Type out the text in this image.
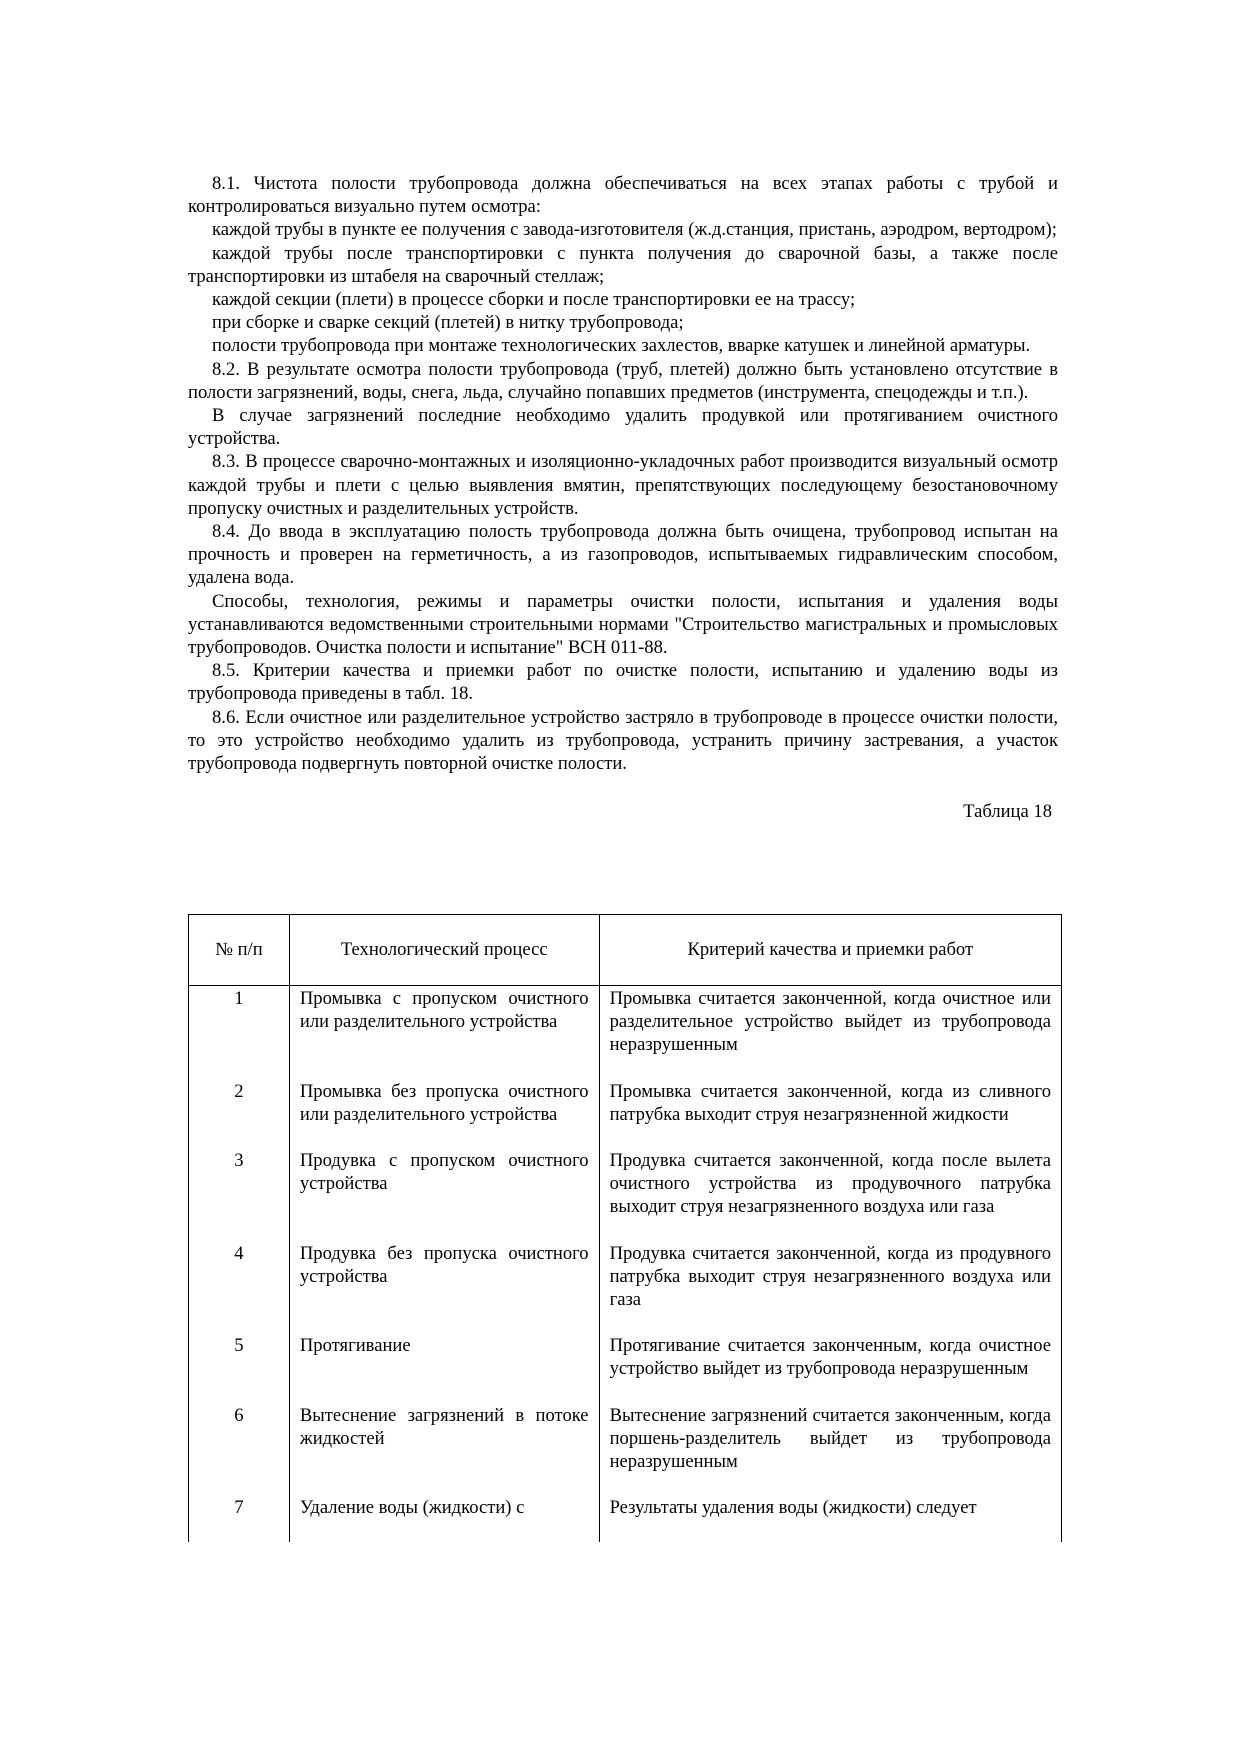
8.1. Чистота полости трубопровода должна обеспечиваться на всех этапах работы с трубой и контролироваться визуально путем осмотра:

каждой трубы в пункте ее получения с завода-изготовителя (ж.д.станция, пристань, аэродром, вертодром);

каждой трубы после транспортировки с пункта получения до сварочной базы, а также после транспортировки из штабеля на сварочный стеллаж;

каждой секции (плети) в процессе сборки и после транспортировки ее на трассу;

при сборке и сварке секций (плетей) в нитку трубопровода;

полости трубопровода при монтаже технологических захлестов, вварке катушек и линейной арматуры.

8.2. В результате осмотра полости трубопровода (труб, плетей) должно быть установлено отсутствие в полости загрязнений, воды, снега, льда, случайно попавших предметов (инструмента, спецодежды и т.п.).

В случае загрязнений последние необходимо удалить продувкой или протягиванием очистного устройства.

8.3. В процессе сварочно-монтажных и изоляционно-укладочных работ производится визуальный осмотр каждой трубы и плети с целью выявления вмятин, препятствующих последующему безостановочному пропуску очистных и разделительных устройств.

8.4. До ввода в эксплуатацию полость трубопровода должна быть очищена, трубопровод испытан на прочность и проверен на герметичность, а из газопроводов, испытываемых гидравлическим способом, удалена вода.

Способы, технология, режимы и параметры очистки полости, испытания и удаления воды устанавливаются ведомственными строительными нормами "Строительство магистральных и промысловых трубопроводов. Очистка полости и испытание" ВСН 011-88.

8.5. Критерии качества и приемки работ по очистке полости, испытанию и удалению воды из трубопровода приведены в табл. 18.

8.6. Если очистное или разделительное устройство застряло в трубопроводе в процессе очистки полости, то это устройство необходимо удалить из трубопровода, устранить причину застревания, а участок трубопровода подвергнуть повторной очистке полости.

Таблица 18

№ п/п	Технологический процесс	Критерий качества и приемки работ
1	Промывка с пропуском очистного или разделительного устройства	Промывка считается законченной, когда очистное или разделительное устройство выйдет из трубопровода неразрушенным
2	Промывка без пропуска очистного или разделительного устройства	Промывка считается законченной, когда из сливного патрубка выходит струя незагрязненной жидкости
3	Продувка с пропуском очистного устройства	Продувка считается законченной, когда после вылета очистного устройства из продувочного патрубка выходит струя незагрязненного воздуха или газа
4	Продувка без пропуска очистного устройства	Продувка считается законченной, когда из продувного патрубка выходит струя незагрязненного воздуха или газа
5	Протягивание	Протягивание считается законченным, когда очистное устройство выйдет из трубопровода неразрушенным
6	Вытеснение загрязнений в потоке жидкостей	Вытеснение загрязнений считается законченным, когда поршень-разделитель выйдет из трубопровода неразрушенным
7	Удаление воды (жидкости) с	Результаты удаления воды (жидкости) следует
